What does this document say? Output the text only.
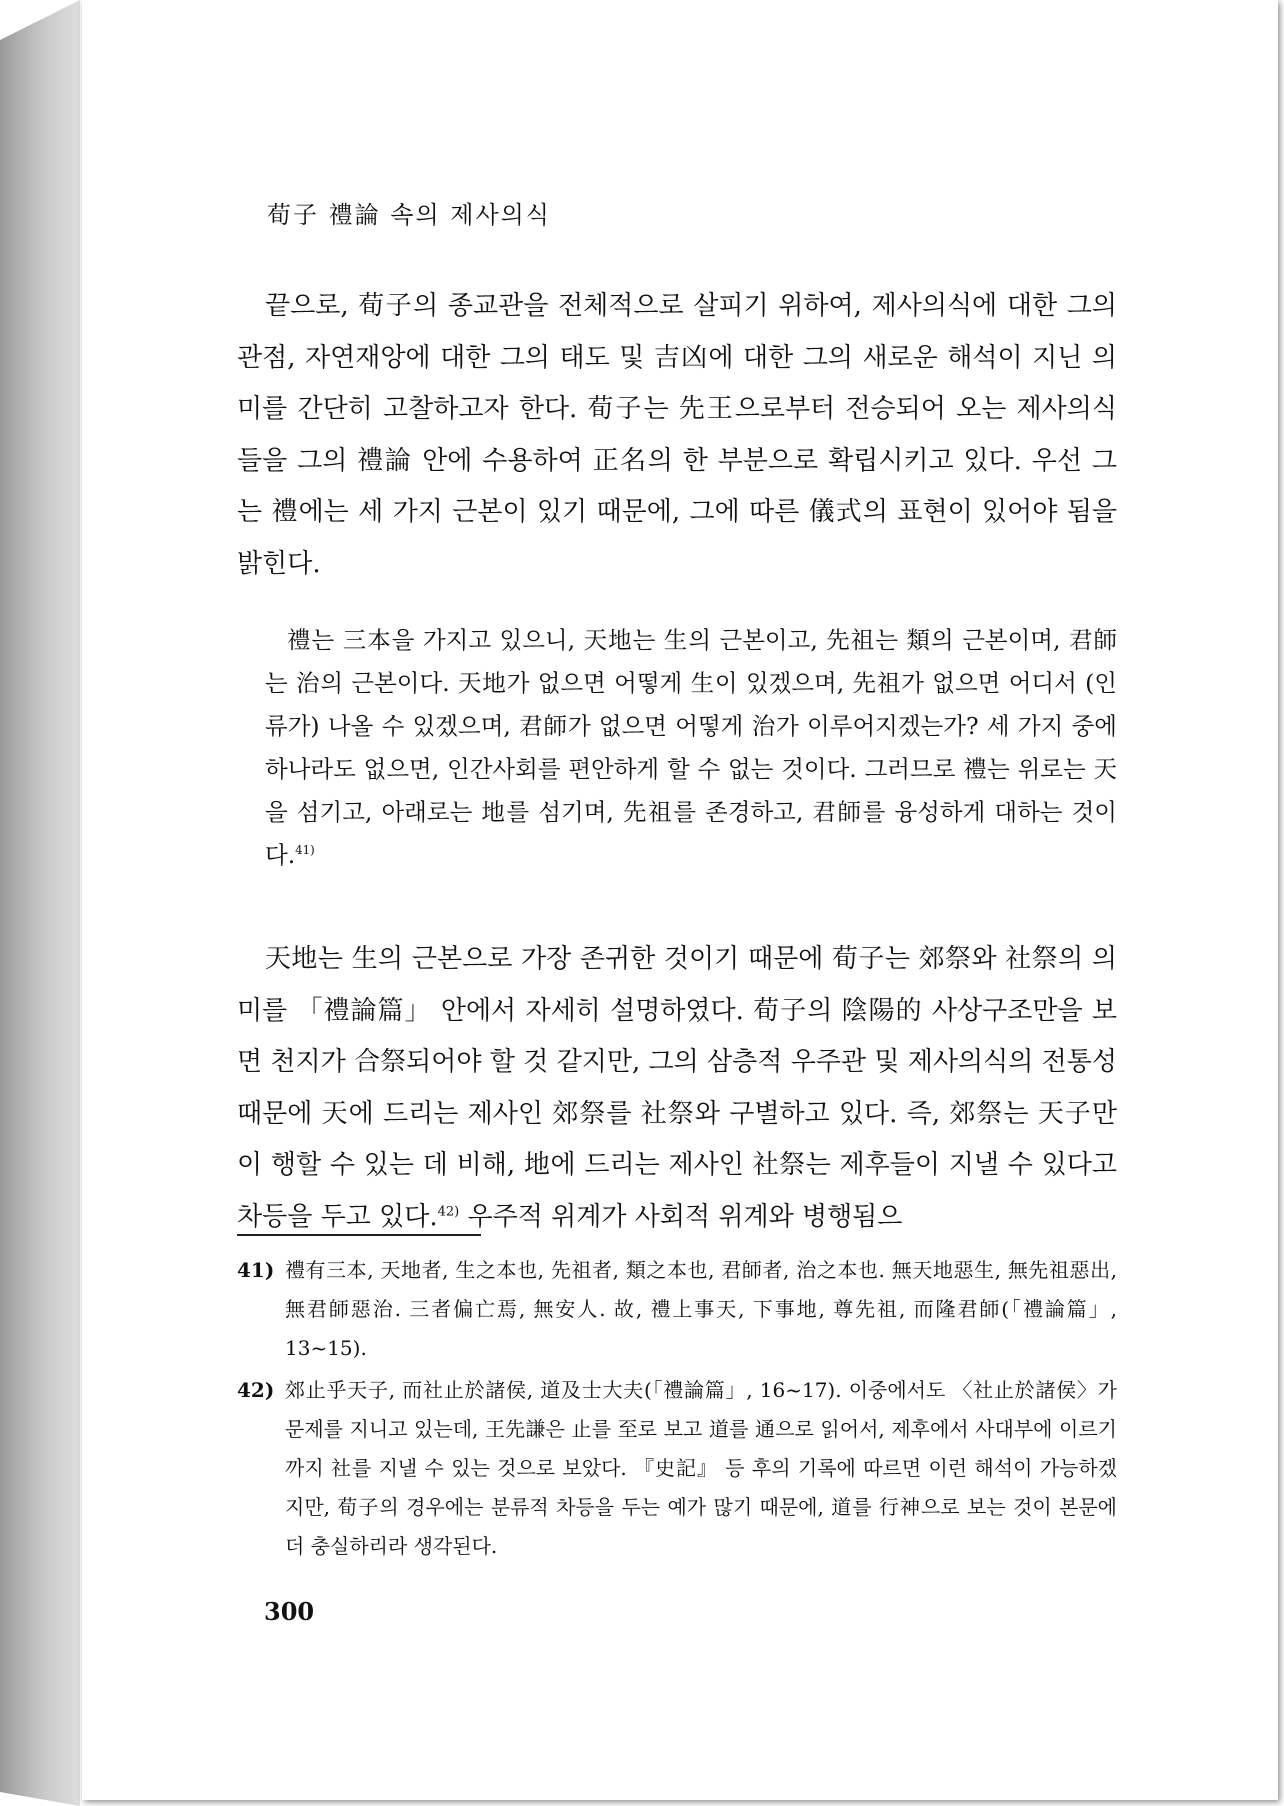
荀子 禮論 속의 제사의식

끝으로, 荀子의 종교관을 전체적으로 살피기 위하여, 제사의식에 대한 그의 관점, 자연재앙에 대한 그의 태도 및 吉凶에 대한 그의 새로운 해석이 지닌 의미를 간단히 고찰하고자 한다. 荀子는 先王으로부터 전승되어 오는 제사의식들을 그의 禮論 안에 수용하여 正名의 한 부분으로 확립시키고 있다. 우선 그는 禮에는 세 가지 근본이 있기 때문에, 그에 따른 儀式의 표현이 있어야 됨을 밝힌다.

禮는 三本을 가지고 있으니, 天地는 生의 근본이고, 先祖는 類의 근본이며, 君師는 治의 근본이다. 天地가 없으면 어떻게 生이 있겠으며, 先祖가 없으면 어디서 (인류가) 나올 수 있겠으며, 君師가 없으면 어떻게 治가 이루어지겠는가? 세 가지 중에 하나라도 없으면, 인간사회를 편안하게 할 수 없는 것이다. 그러므로 禮는 위로는 天을 섬기고, 아래로는 地를 섬기며, 先祖를 존경하고, 君師를 융성하게 대하는 것이다.$^{41)}$

天地는 生의 근본으로 가장 존귀한 것이기 때문에 荀子는 郊祭와 社祭의 의미를 「禮論篇」 안에서 자세히 설명하였다. 荀子의 陰陽的 사상구조만을 보면 천지가 合祭되어야 할 것 같지만, 그의 삼층적 우주관 및 제사의식의 전통성 때문에 天에 드리는 제사인 郊祭를 社祭와 구별하고 있다. 즉, 郊祭는 天子만이 행할 수 있는 데 비해, 地에 드리는 제사인 社祭는 제후들이 지낼 수 있다고 차등을 두고 있다.$^{42)}$ 우주적 위계가 사회적 위계와 병행됨으

41) 禮有三本, 天地者, 生之本也, 先祖者, 類之本也, 君師者, 治之本也. 無天地惡生, 無先祖惡出, 無君師惡治. 三者偏亡焉, 無安人. 故, 禮上事天, 下事地, 尊先祖, 而隆君師(「禮論篇」, 13~15).

42) 郊止乎天子, 而社止於諸侯, 道及士大夫(「禮論篇」, 16~17). 이중에서도 〈社止於諸侯〉가 문제를 지니고 있는데, 王先謙은 止를 至로 보고 道를 通으로 읽어서, 제후에서 사대부에 이르기까지 社를 지낼 수 있는 것으로 보았다. 『史記』 등 후의 기록에 따르면 이런 해석이 가능하겠지만, 荀子의 경우에는 분류적 차등을 두는 예가 많기 때문에, 道를 行神으로 보는 것이 본문에 더 충실하리라 생각된다.

300
